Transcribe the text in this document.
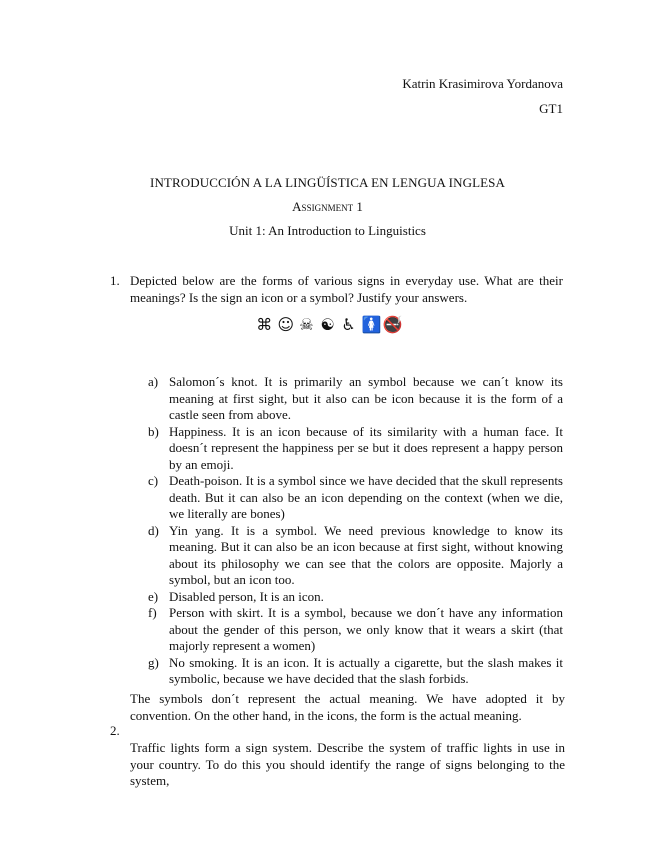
Katrin Krasimirova Yordanova
GT1
INTRODUCCIÓN A LA LINGÜÍSTICA EN LENGUA INGLESA
Assignment 1
Unit 1: An Introduction to Linguistics
1. Depicted below are the forms of various signs in everyday use. What are their meanings? Is the sign an icon or a symbol? Justify your answers.
⌘ ☺ ☠ ☯ ♿ 🚺 🚭
a) Salomon´s knot. It is primarily an symbol because we can´t know its meaning at first sight, but it also can be icon because it is the form of a castle seen from above.
b) Happiness. It is an icon because of its similarity with a human face. It doesn´t represent the happiness per se but it does represent a happy person by an emoji.
c) Death-poison. It is a symbol since we have decided that the skull represents death. But it can also be an icon depending on the context (when we die, we literally are bones)
d) Yin yang. It is a symbol. We need previous knowledge to know its meaning. But it can also be an icon because at first sight, without knowing about its philosophy we can see that the colors are opposite. Majorly a symbol, but an icon too.
e) Disabled person, It is an icon.
f) Person with skirt. It is a symbol, because we don´t have any information about the gender of this person, we only know that it wears a skirt (that majorly represent a women)
g) No smoking. It is an icon. It is actually a cigarette, but the slash makes it symbolic, because we have decided that the slash forbids.
The symbols don´t represent the actual meaning. We have adopted it by convention. On the other hand, in the icons, the form is the actual meaning.
2.
Traffic lights form a sign system. Describe the system of traffic lights in use in your country. To do this you should identify the range of signs belonging to the system,
